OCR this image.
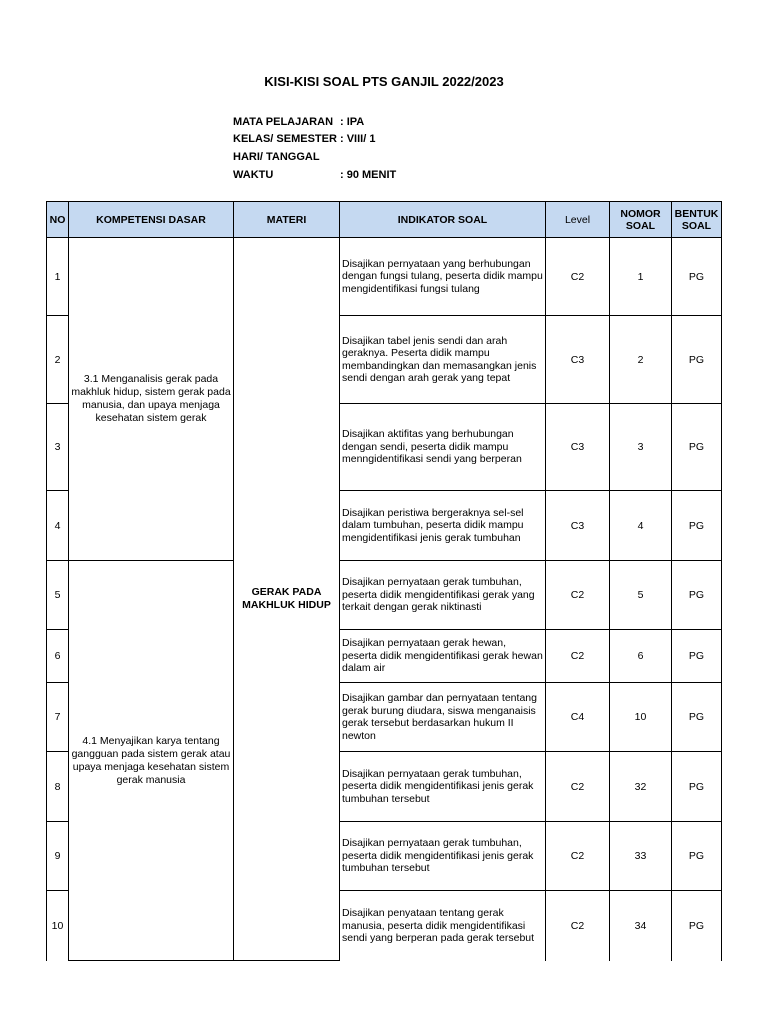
KISI-KISI SOAL PTS GANJIL 2022/2023
MATA PELAJARAN : IPA
KELAS/ SEMESTER : VIII/ 1
HARI/ TANGGAL
WAKTU	: 90 MENIT
NO	KOMPETENSI DASAR	MATERI	INDIKATOR SOAL	Level	NOMOR SOAL	BENTUK SOAL
1	3.1 Menganalisis gerak pada makhluk hidup, sistem gerak pada manusia, dan upaya menjaga kesehatan sistem gerak	GERAK PADA MAKHLUK HIDUP	Disajikan pernyataan yang berhubungan dengan fungsi tulang, peserta didik mampu mengidentifikasi fungsi tulang	C2	1	PG
2			Disajikan tabel jenis sendi dan arah geraknya. Peserta didik mampu membandingkan dan memasangkan jenis sendi dengan arah gerak yang tepat	C3	2	PG
3			Disajikan aktifitas yang berhubungan dengan sendi, peserta didik mampu menngidentifikasi sendi yang berperan	C3	3	PG
4			Disajikan peristiwa bergeraknya sel-sel dalam tumbuhan, peserta didik mampu mengidentifikasi jenis gerak tumbuhan	C3	4	PG
5	4.1 Menyajikan karya tentang gangguan pada sistem gerak atau upaya menjaga kesehatan sistem gerak manusia		Disajikan pernyataan gerak tumbuhan, peserta didik mengidentifikasi gerak yang terkait dengan gerak niktinasti	C2	5	PG
6			Disajikan pernyataan gerak hewan, peserta didik mengidentifikasi gerak hewan dalam air	C2	6	PG
7			Disajikan gambar dan pernyataan tentang gerak burung diudara, siswa menganaisis gerak tersebut berdasarkan hukum II newton	C4	10	PG
8			Disajikan pernyataan gerak tumbuhan, peserta didik mengidentifikasi jenis gerak tumbuhan tersebut	C2	32	PG
9			Disajikan pernyataan gerak tumbuhan, peserta didik mengidentifikasi jenis gerak tumbuhan tersebut	C2	33	PG
10			Disajikan penyataan tentang gerak manusia, peserta didik mengidentifikasi sendi yang berperan pada gerak tersebut	C2	34	PG
